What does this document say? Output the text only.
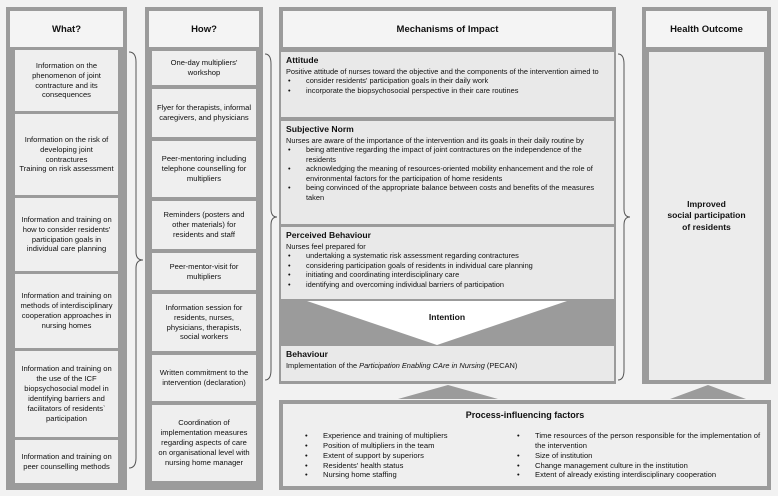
What?
Information on the phenomenon of joint contracture and its consequences
Information on the risk of developing joint contractures
Training on risk assessment
Information and training on how to consider residents' participation goals in individual care planning
Information and training on methods of interdisciplinary cooperation approaches in nursing homes
Information and training on the use of the ICF biopsychosocial model in identifying barriers and facilitators of residents` participation
Information and training on peer counselling methods
How?
One-day multipliers' workshop
Flyer for therapists, informal caregivers, and physicians
Peer-mentoring including telephone counselling for multipliers
Reminders (posters and other materials) for residents and staff
Peer-mentor-visit for multipliers
Information session for residents, nurses, physicians, therapists, social workers
Written commitment to the intervention (declaration)
Coordination of implementation measures regarding aspects of care on organisational level with nursing home manager
Mechanisms of Impact
Attitude
Positive attitude of nurses toward the objective and the components of the intervention aimed to
• consider residents' participation goals in their daily work
• incorporate the biopsychosocial perspective in their care routines
Subjective Norm
Nurses are aware of the importance of the intervention and its goals in their daily routine by
• being attentive regarding the impact of joint contractures on the independence of the residents
• acknowledging the meaning of resources-oriented mobility enhancement and the role of environmental factors for the participation of home residents
• being convinced of the appropriate balance between costs and benefits of the measures taken
Perceived Behaviour
Nurses feel prepared for
• undertaking a systematic risk assessment regarding contractures
• considering participation goals of residents in individual care planning
• initiating and coordinating interdisciplinary care
• identifying and overcoming individual barriers of participation
Intention
Behaviour
Implementation of the Participation Enabling CAre in Nursing (PECAN)
Health Outcome
Improved
social participation
of residents
Process-influencing factors
• Experience and training of multipliers
• Position of multipliers in the team
• Extent of support by superiors
• Residents' health status
• Nursing home staffing
• Time resources of the person responsible for the implementation of the intervention
• Size of institution
• Change management culture in the institution
• Extent of already existing interdisciplinary cooperation
